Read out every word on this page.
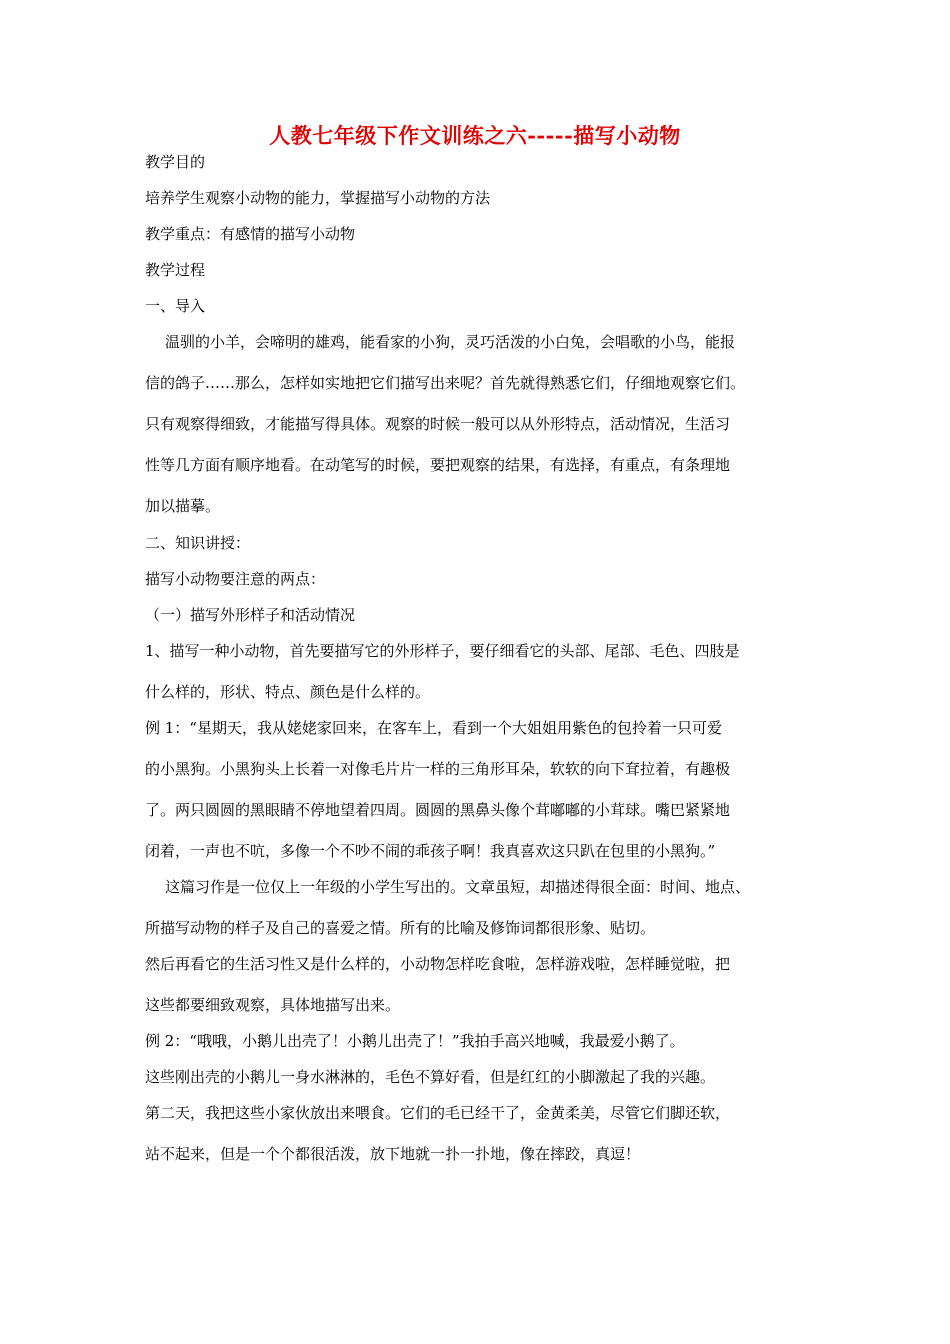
人教七年级下作文训练之六-----描写小动物
教学目的
培养学生观察小动物的能力，掌握描写小动物的方法
教学重点：有感情的描写小动物
教学过程
一、导入
温驯的小羊，会啼明的雄鸡，能看家的小狗，灵巧活泼的小白兔，会唱歌的小鸟，能报
信的鸽子……那么，怎样如实地把它们描写出来呢？首先就得熟悉它们，仔细地观察它们。
只有观察得细致，才能描写得具体。观察的时候一般可以从外形特点，活动情况，生活习
性等几方面有顺序地看。在动笔写的时候，要把观察的结果，有选择，有重点，有条理地
加以描摹。
二、知识讲授：
描写小动物要注意的两点：
（一）描写外形样子和活动情况
1、描写一种小动物，首先要描写它的外形样子，要仔细看它的头部、尾部、毛色、四肢是
什么样的，形状、特点、颜色是什么样的。
例 1：“星期天，我从姥姥家回来，在客车上，看到一个大姐姐用紫色的包拎着一只可爱
的小黑狗。小黑狗头上长着一对像毛片片一样的三角形耳朵，软软的向下耷拉着，有趣极
了。两只圆圆的黑眼睛不停地望着四周。圆圆的黑鼻头像个茸嘟嘟的小茸球。嘴巴紧紧地
闭着，一声也不吭，多像一个不吵不闹的乖孩子啊！我真喜欢这只趴在包里的小黑狗。”
这篇习作是一位仅上一年级的小学生写出的。文章虽短，却描述得很全面：时间、地点、
所描写动物的样子及自己的喜爱之情。所有的比喻及修饰词都很形象、贴切。
然后再看它的生活习性又是什么样的，小动物怎样吃食啦，怎样游戏啦，怎样睡觉啦，把
这些都要细致观察，具体地描写出来。
例 2：“哦哦，小鹅儿出壳了！小鹅儿出壳了！”我拍手高兴地喊，我最爱小鹅了。
这些刚出壳的小鹅儿一身水淋淋的，毛色不算好看，但是红红的小脚激起了我的兴趣。
第二天，我把这些小家伙放出来喂食。它们的毛已经干了，金黄柔美，尽管它们脚还软，
站不起来，但是一个个都很活泼，放下地就一扑一扑地，像在摔跤，真逗！
